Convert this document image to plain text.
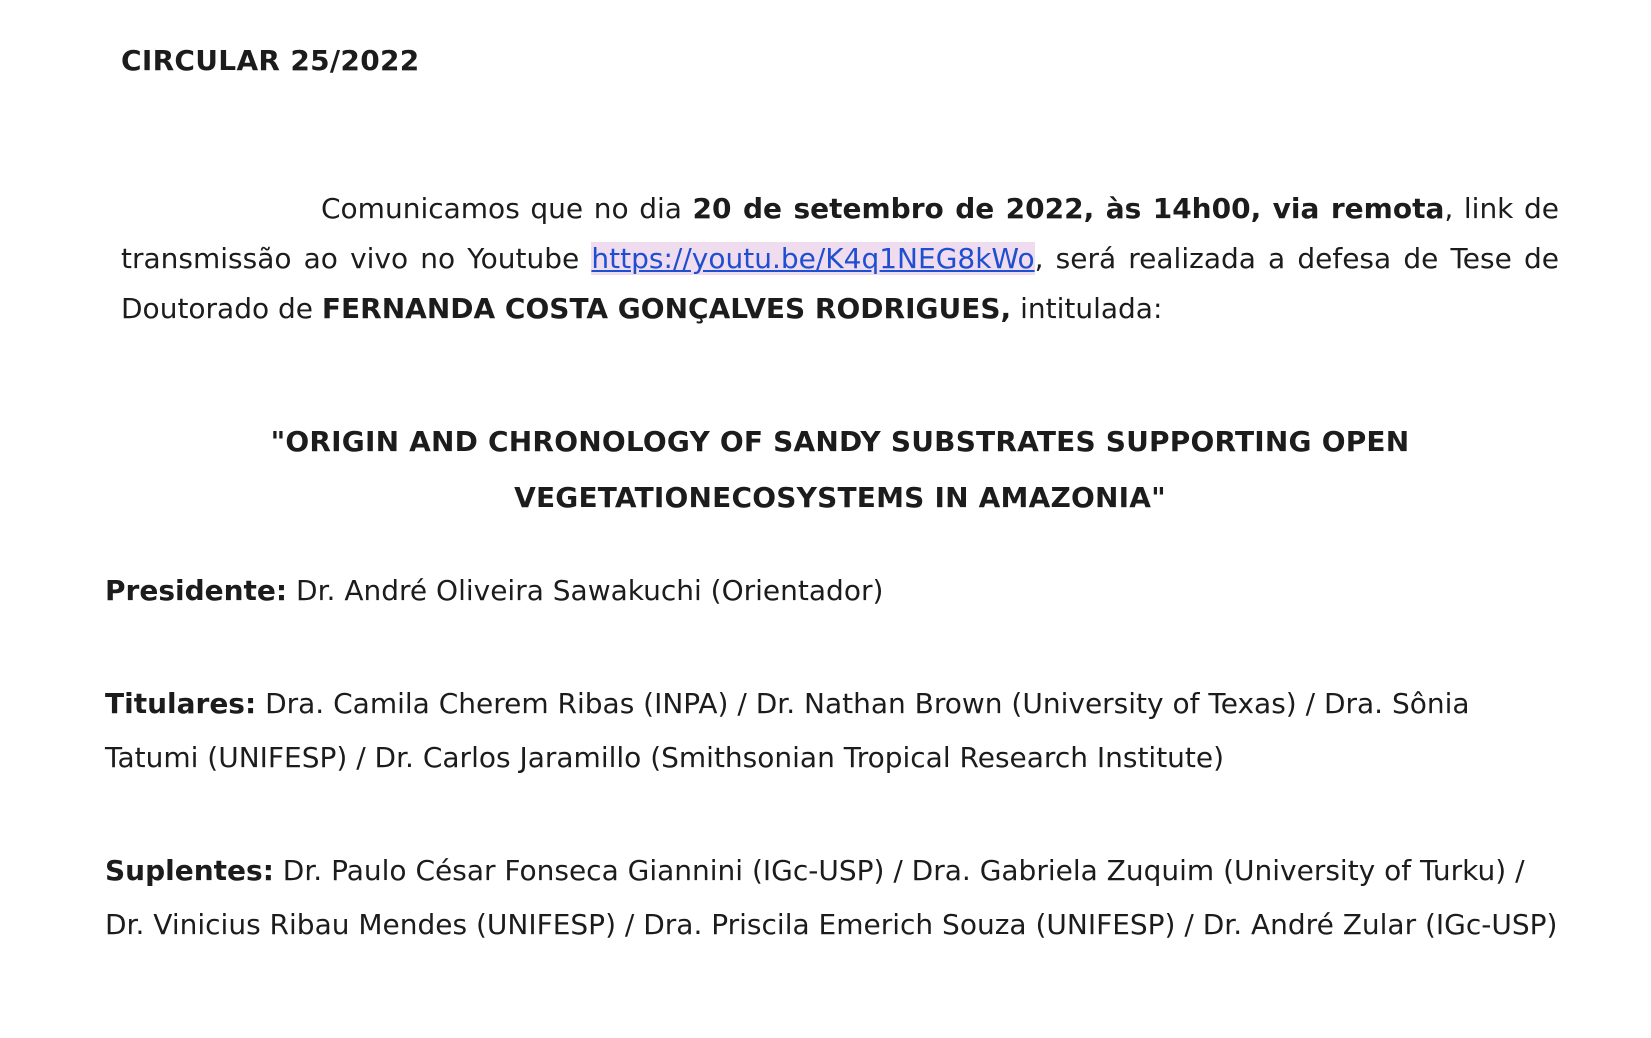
CIRCULAR 25/2022
Comunicamos que no dia 20 de setembro de 2022, às 14h00, via remota, link de transmissão ao vivo no Youtube https://youtu.be/K4q1NEG8kWo, será realizada a defesa de Tese de Doutorado de FERNANDA COSTA GONÇALVES RODRIGUES, intitulada:
"ORIGIN AND CHRONOLOGY OF SANDY SUBSTRATES SUPPORTING OPEN
VEGETATIONECOSYSTEMS IN AMAZONIA"
Presidente: Dr. André Oliveira Sawakuchi (Orientador)
Titulares: Dra. Camila Cherem Ribas (INPA) / Dr. Nathan Brown (University of Texas) / Dra. Sônia Tatumi (UNIFESP) / Dr. Carlos Jaramillo (Smithsonian Tropical Research Institute)
Suplentes: Dr. Paulo César Fonseca Giannini (IGc-USP) / Dra. Gabriela Zuquim (University of Turku) / Dr. Vinicius Ribau Mendes (UNIFESP) / Dra. Priscila Emerich Souza (UNIFESP) / Dr. André Zular (IGc-USP)
